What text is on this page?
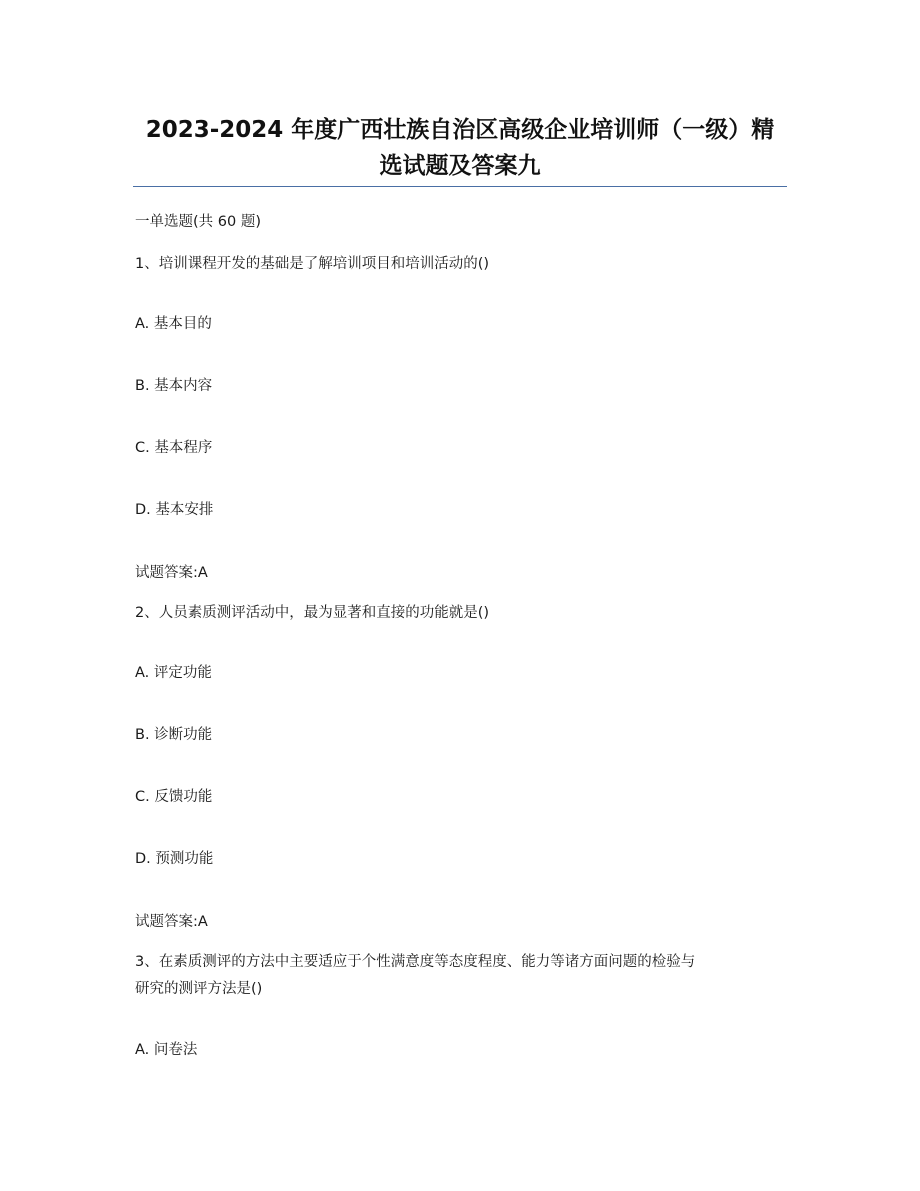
2023-2024 年度广西壮族自治区高级企业培训师（一级）精
选试题及答案九
一单选题(共 60 题)
1、培训课程开发的基础是了解培训项目和培训活动的()
A. 基本目的
B. 基本内容
C. 基本程序
D. 基本安排
试题答案:A
2、人员素质测评活动中，最为显著和直接的功能就是()
A. 评定功能
B. 诊断功能
C. 反馈功能
D. 预测功能
试题答案:A
3、在素质测评的方法中主要适应于个性满意度等态度程度、能力等诸方面问题的检验与
研究的测评方法是()
A. 问卷法
